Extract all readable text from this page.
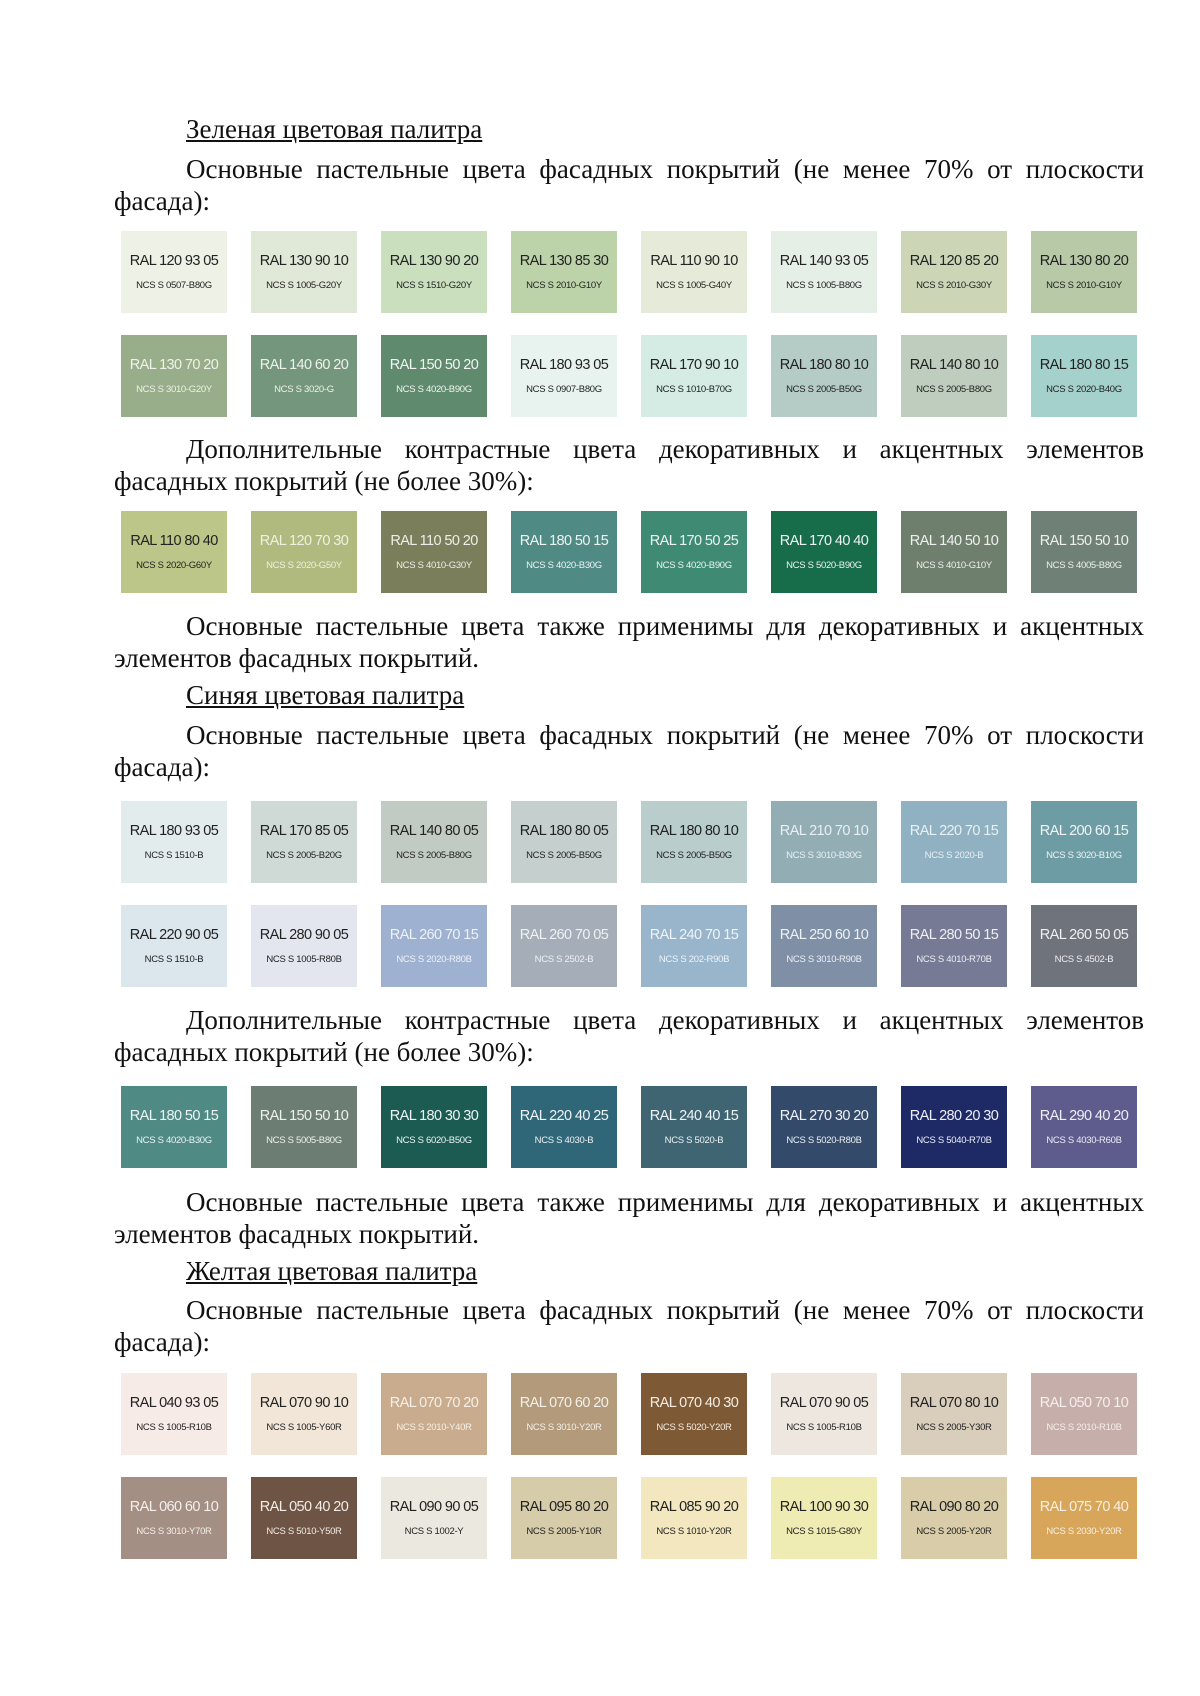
Зеленая цветовая палитра

Основные пастельные цвета фасадных покрытий (не менее 70% от плоскости фасада):

RAL 120 93 05
NCS S 0507-B80G
RAL 130 90 10
NCS S 1005-G20Y
RAL 130 90 20
NCS S 1510-G20Y
RAL 130 85 30
NCS S 2010-G10Y
RAL 110 90 10
NCS S 1005-G40Y
RAL 140 93 05
NCS S 1005-B80G
RAL 120 85 20
NCS S 2010-G30Y
RAL 130 80 20
NCS S 2010-G10Y
RAL 130 70 20
NCS S 3010-G20Y
RAL 140 60 20
NCS S 3020-G
RAL 150 50 20
NCS S 4020-B90G
RAL 180 93 05
NCS S 0907-B80G
RAL 170 90 10
NCS S 1010-B70G
RAL 180 80 10
NCS S 2005-B50G
RAL 140 80 10
NCS S 2005-B80G
RAL 180 80 15
NCS S 2020-B40G

Дополнительные контрастные цвета декоративных и акцентных элементов фасадных покрытий (не более 30%):

RAL 110 80 40
NCS S 2020-G60Y
RAL 120 70 30
NCS S 2020-G50Y
RAL 110 50 20
NCS S 4010-G30Y
RAL 180 50 15
NCS S 4020-B30G
RAL 170 50 25
NCS S 4020-B90G
RAL 170 40 40
NCS S 5020-B90G
RAL 140 50 10
NCS S 4010-G10Y
RAL 150 50 10
NCS S 4005-B80G

Основные пастельные цвета также применимы для декоративных и акцентных элементов фасадных покрытий.

Синяя цветовая палитра

Основные пастельные цвета фасадных покрытий (не менее 70% от плоскости фасада):

RAL 180 93 05
NCS S 1510-B
RAL 170 85 05
NCS S 2005-B20G
RAL 140 80 05
NCS S 2005-B80G
RAL 180 80 05
NCS S 2005-B50G
RAL 180 80 10
NCS S 2005-B50G
RAL 210 70 10
NCS S 3010-B30G
RAL 220 70 15
NCS S 2020-B
RAL 200 60 15
NCS S 3020-B10G
RAL 220 90 05
NCS S 1510-B
RAL 280 90 05
NCS S 1005-R80B
RAL 260 70 15
NCS S 2020-R80B
RAL 260 70 05
NCS S 2502-B
RAL 240 70 15
NCS S 202-R90B
RAL 250 60 10
NCS S 3010-R90B
RAL 280 50 15
NCS S 4010-R70B
RAL 260 50 05
NCS S 4502-B

Дополнительные контрастные цвета декоративных и акцентных элементов фасадных покрытий (не более 30%):

RAL 180 50 15
NCS S 4020-B30G
RAL 150 50 10
NCS S 5005-B80G
RAL 180 30 30
NCS S 6020-B50G
RAL 220 40 25
NCS S 4030-B
RAL 240 40 15
NCS S 5020-B
RAL 270 30 20
NCS S 5020-R80B
RAL 280 20 30
NCS S 5040-R70B
RAL 290 40 20
NCS S 4030-R60B

Основные пастельные цвета также применимы для декоративных и акцентных элементов фасадных покрытий.

Желтая цветовая палитра

Основные пастельные цвета фасадных покрытий (не менее 70% от плоскости фасада):

RAL 040 93 05
NCS S 1005-R10B
RAL 070 90 10
NCS S 1005-Y60R
RAL 070 70 20
NCS S 2010-Y40R
RAL 070 60 20
NCS S 3010-Y20R
RAL 070 40 30
NCS S 5020-Y20R
RAL 070 90 05
NCS S 1005-R10B
RAL 070 80 10
NCS S 2005-Y30R
RAL 050 70 10
NCS S 2010-R10B
RAL 060 60 10
NCS S 3010-Y70R
RAL 050 40 20
NCS S 5010-Y50R
RAL 090 90 05
NCS S 1002-Y
RAL 095 80 20
NCS S 2005-Y10R
RAL 085 90 20
NCS S 1010-Y20R
RAL 100 90 30
NCS S 1015-G80Y
RAL 090 80 20
NCS S 2005-Y20R
RAL 075 70 40
NCS S 2030-Y20R
